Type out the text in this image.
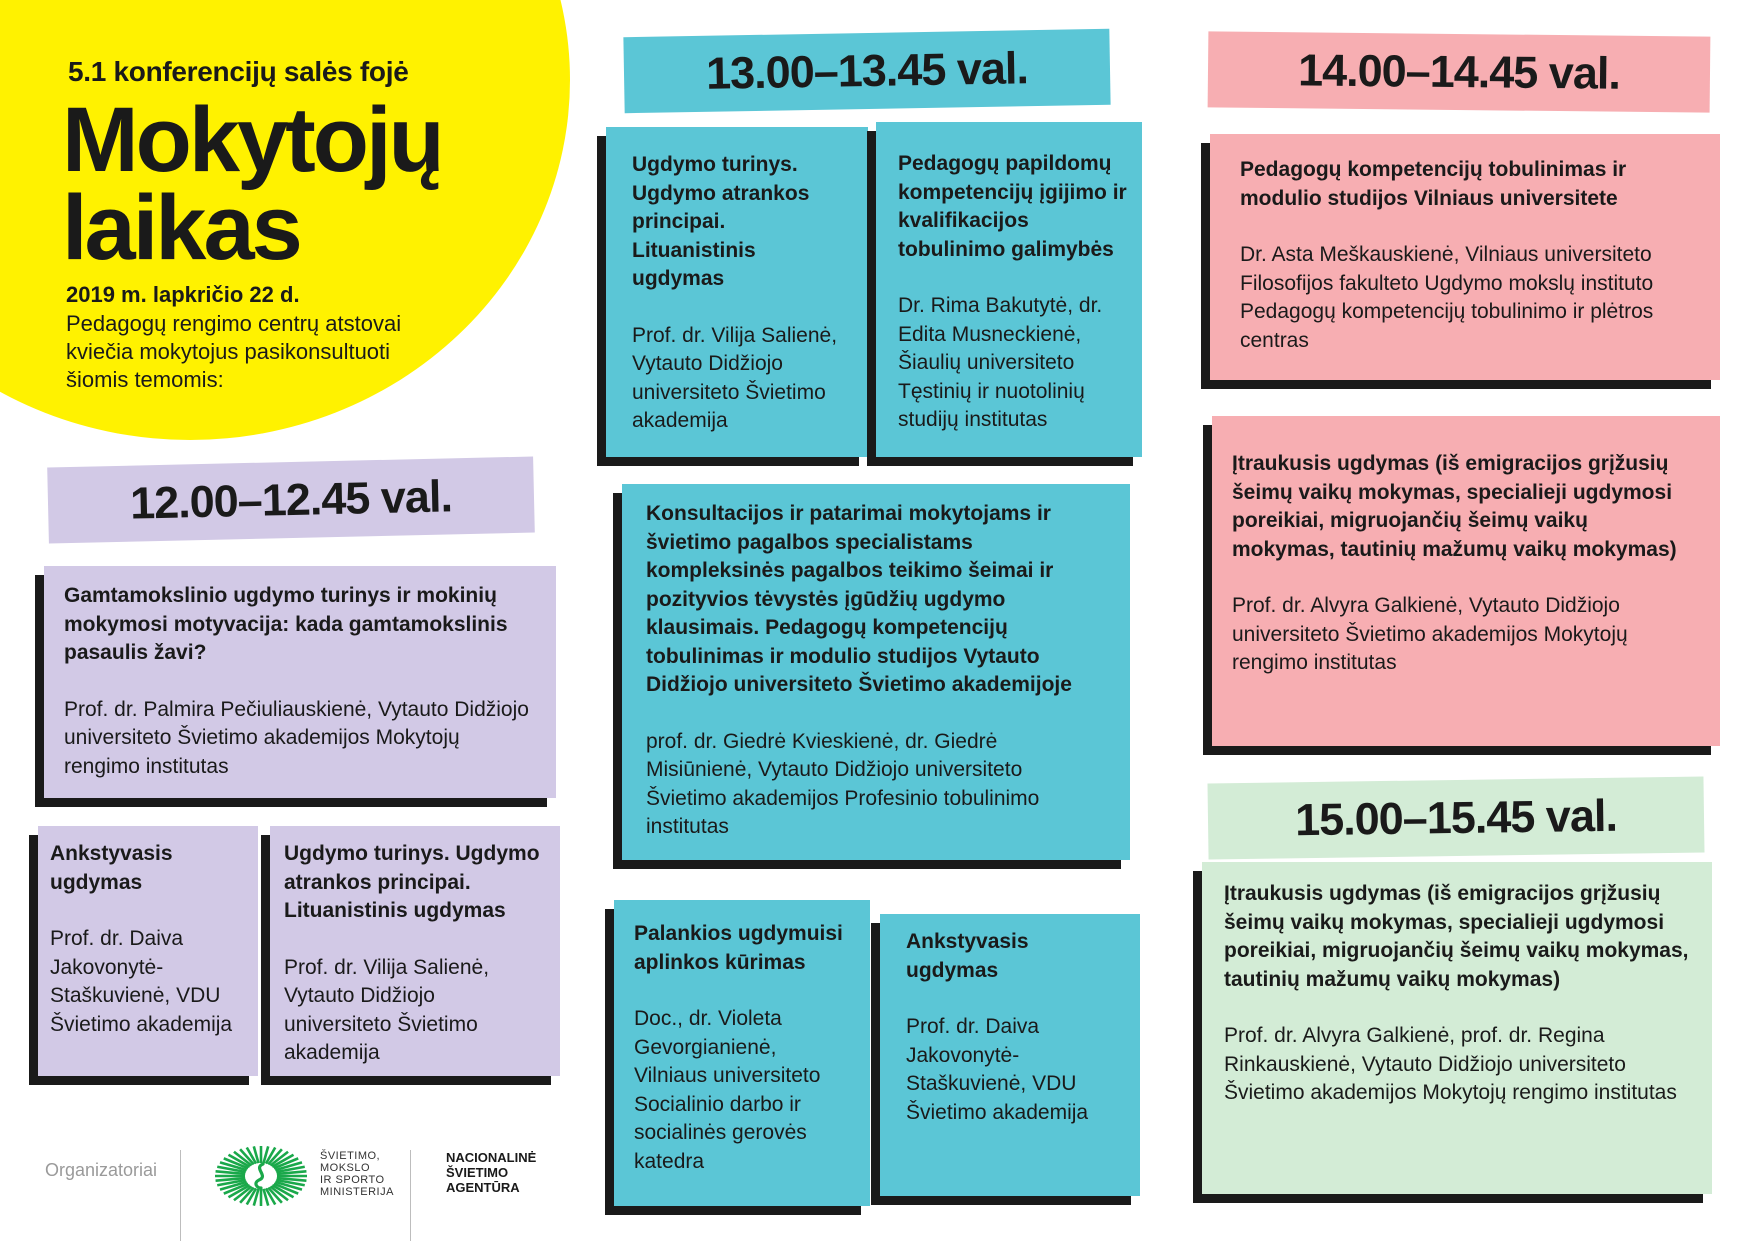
5.1 konferencijų salės fojė
Mokytojų
laikas
2019 m. lapkričio 22 d.
Pedagogų rengimo centrų atstovai
kviečia mokytojus pasikonsultuoti
šiomis temomis:
12.00–12.45 val.

Gamtamokslinio ugdymo turinys ir mokinių mokymosi motyvacija: kada gamtamokslinis pasaulis žavi?

Prof. dr. Palmira Pečiuliauskienė, Vytauto Didžiojo universiteto Švietimo akademijos Mokytojų rengimo institutas

Ankstyvasis ugdymas

Prof. dr. Daiva Jakovonytė-Staškuvienė, VDU Švietimo akademija

Ugdymo turinys. Ugdymo atrankos principai. Lituanistinis ugdymas

Prof. dr. Vilija Salienė, Vytauto Didžiojo universiteto Švietimo akademija

13.00–13.45 val.

Ugdymo turinys. Ugdymo atrankos principai. Lituanistinis ugdymas

Prof. dr. Vilija Salienė, Vytauto Didžiojo universiteto Švietimo akademija

Pedagogų papildomų kompetencijų įgijimo ir kvalifikacijos tobulinimo galimybės

Dr. Rima Bakutytė, dr. Edita Musneckienė, Šiaulių universiteto Tęstinių ir nuotolinių studijų institutas

Konsultacijos ir patarimai mokytojams ir švietimo pagalbos specialistams kompleksinės pagalbos teikimo šeimai ir pozityvios tėvystės įgūdžių ugdymo klausimais. Pedagogų kompetencijų tobulinimas ir modulio studijos Vytauto Didžiojo universiteto Švietimo akademijoje

prof. dr. Giedrė Kvieskienė, dr. Giedrė Misiūnienė, Vytauto Didžiojo universiteto Švietimo akademijos Profesinio tobulinimo institutas

Palankios ugdymuisi aplinkos kūrimas

Doc., dr. Violeta Gevorgianienė, Vilniaus universiteto Socialinio darbo ir socialinės gerovės katedra

Ankstyvasis ugdymas

Prof. dr. Daiva Jakovonytė-Staškuvienė, VDU Švietimo akademija

14.00–14.45 val.

Pedagogų kompetencijų tobulinimas ir modulio studijos Vilniaus universitete

Dr. Asta Meškauskienė, Vilniaus universiteto Filosofijos fakulteto Ugdymo mokslų instituto Pedagogų kompetencijų tobulinimo ir plėtros centras

Įtraukusis ugdymas (iš emigracijos grįžusių šeimų vaikų mokymas, specialieji ugdymosi poreikiai, migruojančių šeimų vaikų mokymas, tautinių mažumų vaikų mokymas)

Prof. dr. Alvyra Galkienė, Vytauto Didžiojo universiteto Švietimo akademijos Mokytojų rengimo institutas

15.00–15.45 val.

Įtraukusis ugdymas (iš emigracijos grįžusių šeimų vaikų mokymas, specialieji ugdymosi poreikiai, migruojančių šeimų vaikų mokymas, tautinių mažumų vaikų mokymas)

Prof. dr. Alvyra Galkienė, prof. dr. Regina Rinkauskienė, Vytauto Didžiojo universiteto Švietimo akademijos Mokytojų rengimo institutas

Organizatoriai
ŠVIETIMO,
MOKSLO
IR SPORTO
MINISTERIJA
NACIONALINĖ
ŠVIETIMO
AGENTŪRA
